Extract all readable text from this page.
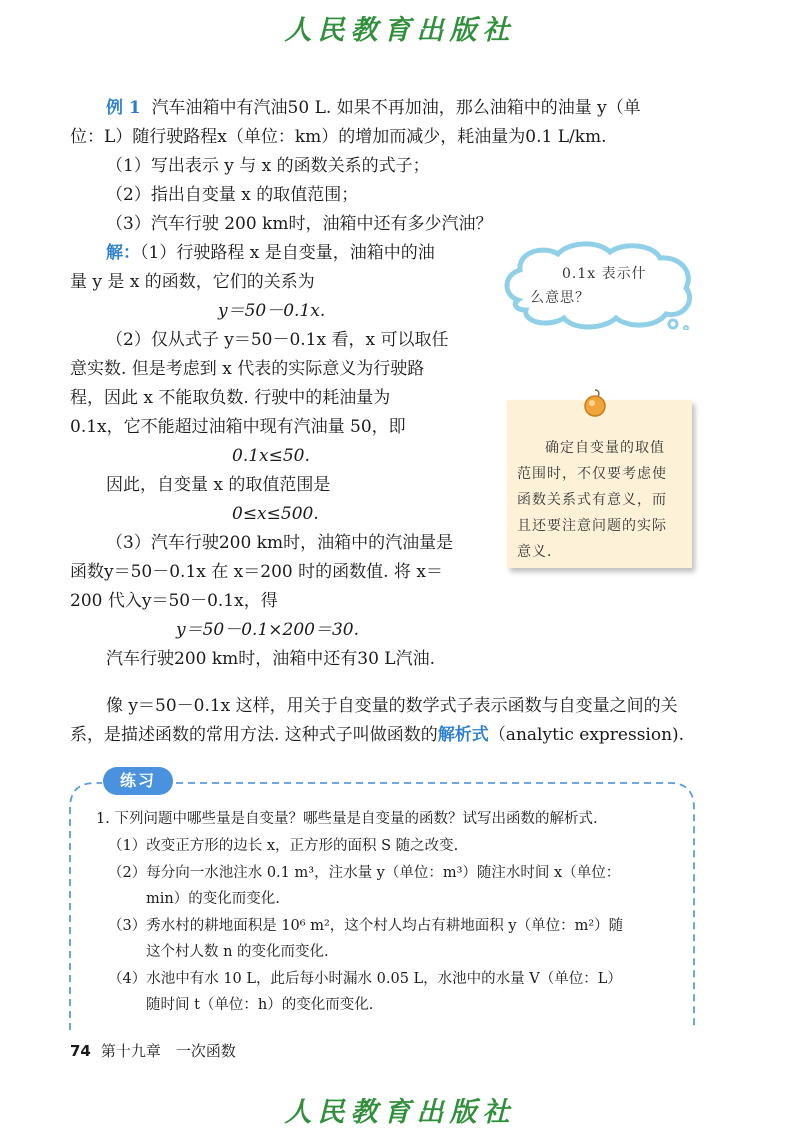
人民教育出版社
例 1 汽车油箱中有汽油50 L. 如果不再加油，那么油箱中的油量 y（单
位：L）随行驶路程x（单位：km）的增加而减少，耗油量为0.1 L/km.
（1）写出表示 y 与 x 的函数关系的式子；
（2）指出自变量 x 的取值范围；
（3）汽车行驶 200 km时，油箱中还有多少汽油？
解：（1）行驶路程 x 是自变量，油箱中的油
量 y 是 x 的函数，它们的关系为
y＝50－0.1x.
（2）仅从式子 y＝50－0.1x 看，x 可以取任
意实数. 但是考虑到 x 代表的实际意义为行驶路
程，因此 x 不能取负数. 行驶中的耗油量为
0.1x，它不能超过油箱中现有汽油量 50，即
0.1x≤50.
因此，自变量 x 的取值范围是
0≤x≤500.
（3）汽车行驶200 km时，油箱中的汽油量是
函数y＝50－0.1x 在 x＝200 时的函数值. 将 x＝
200 代入y＝50－0.1x，得
y＝50－0.1×200＝30.
汽车行驶200 km时，油箱中还有30 L汽油.
0.1x 表示什
么意思？
确定自变量的取值
范围时，不仅要考虑使
函数关系式有意义，而
且还要注意问题的实际
意义.
像 y＝50－0.1x 这样，用关于自变量的数学式子表示函数与自变量之间的关
系，是描述函数的常用方法. 这种式子叫做函数的解析式（analytic expression).
练习
1. 下列问题中哪些量是自变量？哪些量是自变量的函数？试写出函数的解析式.
（1）改变正方形的边长 x，正方形的面积 S 随之改变.
（2）每分向一水池注水 0.1 m³，注水量 y（单位：m³）随注水时间 x（单位：
min）的变化而变化.
（3）秀水村的耕地面积是 10⁶ m²，这个村人均占有耕地面积 y（单位：m²）随
这个村人数 n 的变化而变化.
（4）水池中有水 10 L，此后每小时漏水 0.05 L，水池中的水量 V（单位：L）
随时间 t（单位：h）的变化而变化.
74 第十九章　一次函数
人民教育出版社
